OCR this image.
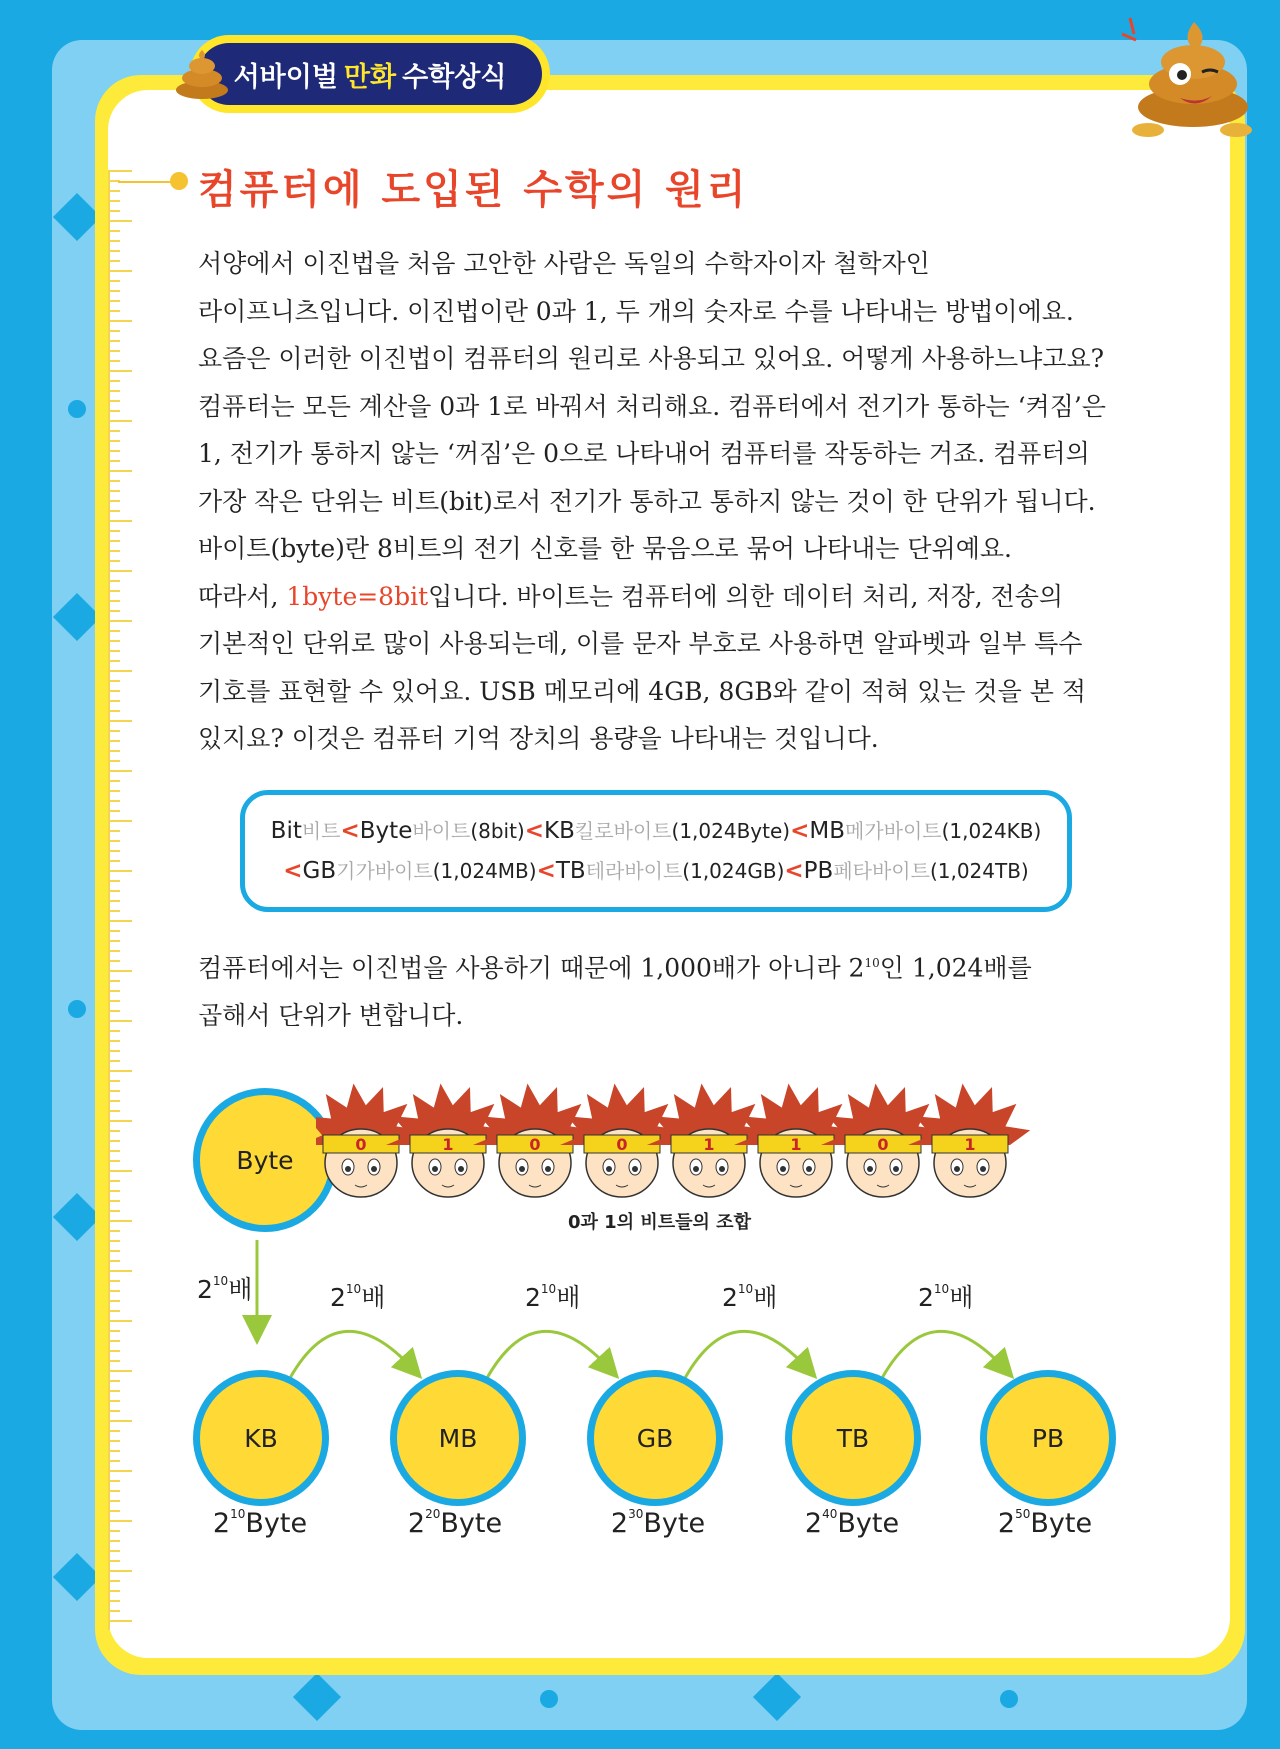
서바이벌 만화 수학상식
컴퓨터에 도입된 수학의 원리

서양에서 이진법을 처음 고안한 사람은 독일의 수학자이자 철학자인

라이프니츠입니다. 이진법이란 0과 1, 두 개의 숫자로 수를 나타내는 방법이에요.

요즘은 이러한 이진법이 컴퓨터의 원리로 사용되고 있어요. 어떻게 사용하느냐고요?

컴퓨터는 모든 계산을 0과 1로 바꿔서 처리해요. 컴퓨터에서 전기가 통하는 ‘켜짐’은

1, 전기가 통하지 않는 ‘꺼짐’은 0으로 나타내어 컴퓨터를 작동하는 거죠. 컴퓨터의

가장 작은 단위는 비트(bit)로서 전기가 통하고 통하지 않는 것이 한 단위가 됩니다.

바이트(byte)란 8비트의 전기 신호를 한 묶음으로 묶어 나타내는 단위예요.

따라서, 1byte=8bit입니다. 바이트는 컴퓨터에 의한 데이터 처리, 저장, 전송의

기본적인 단위로 많이 사용되는데, 이를 문자 부호로 사용하면 알파벳과 일부 특수

기호를 표현할 수 있어요. USB 메모리에 4GB, 8GB와 같이 적혀 있는 것을 본 적

있지요? 이것은 컴퓨터 기억 장치의 용량을 나타내는 것입니다.

Bit비트<Byte바이트(8bit)<KB킬로바이트(1,024Byte)<MB메가바이트(1,024KB)
<GB기가바이트(1,024MB)<TB테라바이트(1,024GB)<PB페타바이트(1,024TB)

컴퓨터에서는 이진법을 사용하기 때문에 1,000배가 아니라 $2^{10}$인 1,024배를

곱해서 단위가 변합니다.

Byte
0	1	0	0	1	1	0	1
0과 1의 비트들의 조합
$2^{10}$배	$2^{10}$배	$2^{10}$배	$2^{10}$배	$2^{10}$배
KB	MB	GB	TB	PB
$2^{10}Byte$	$2^{20}Byte$	$2^{30}Byte$	$2^{40}Byte$	$2^{50}Byte$
